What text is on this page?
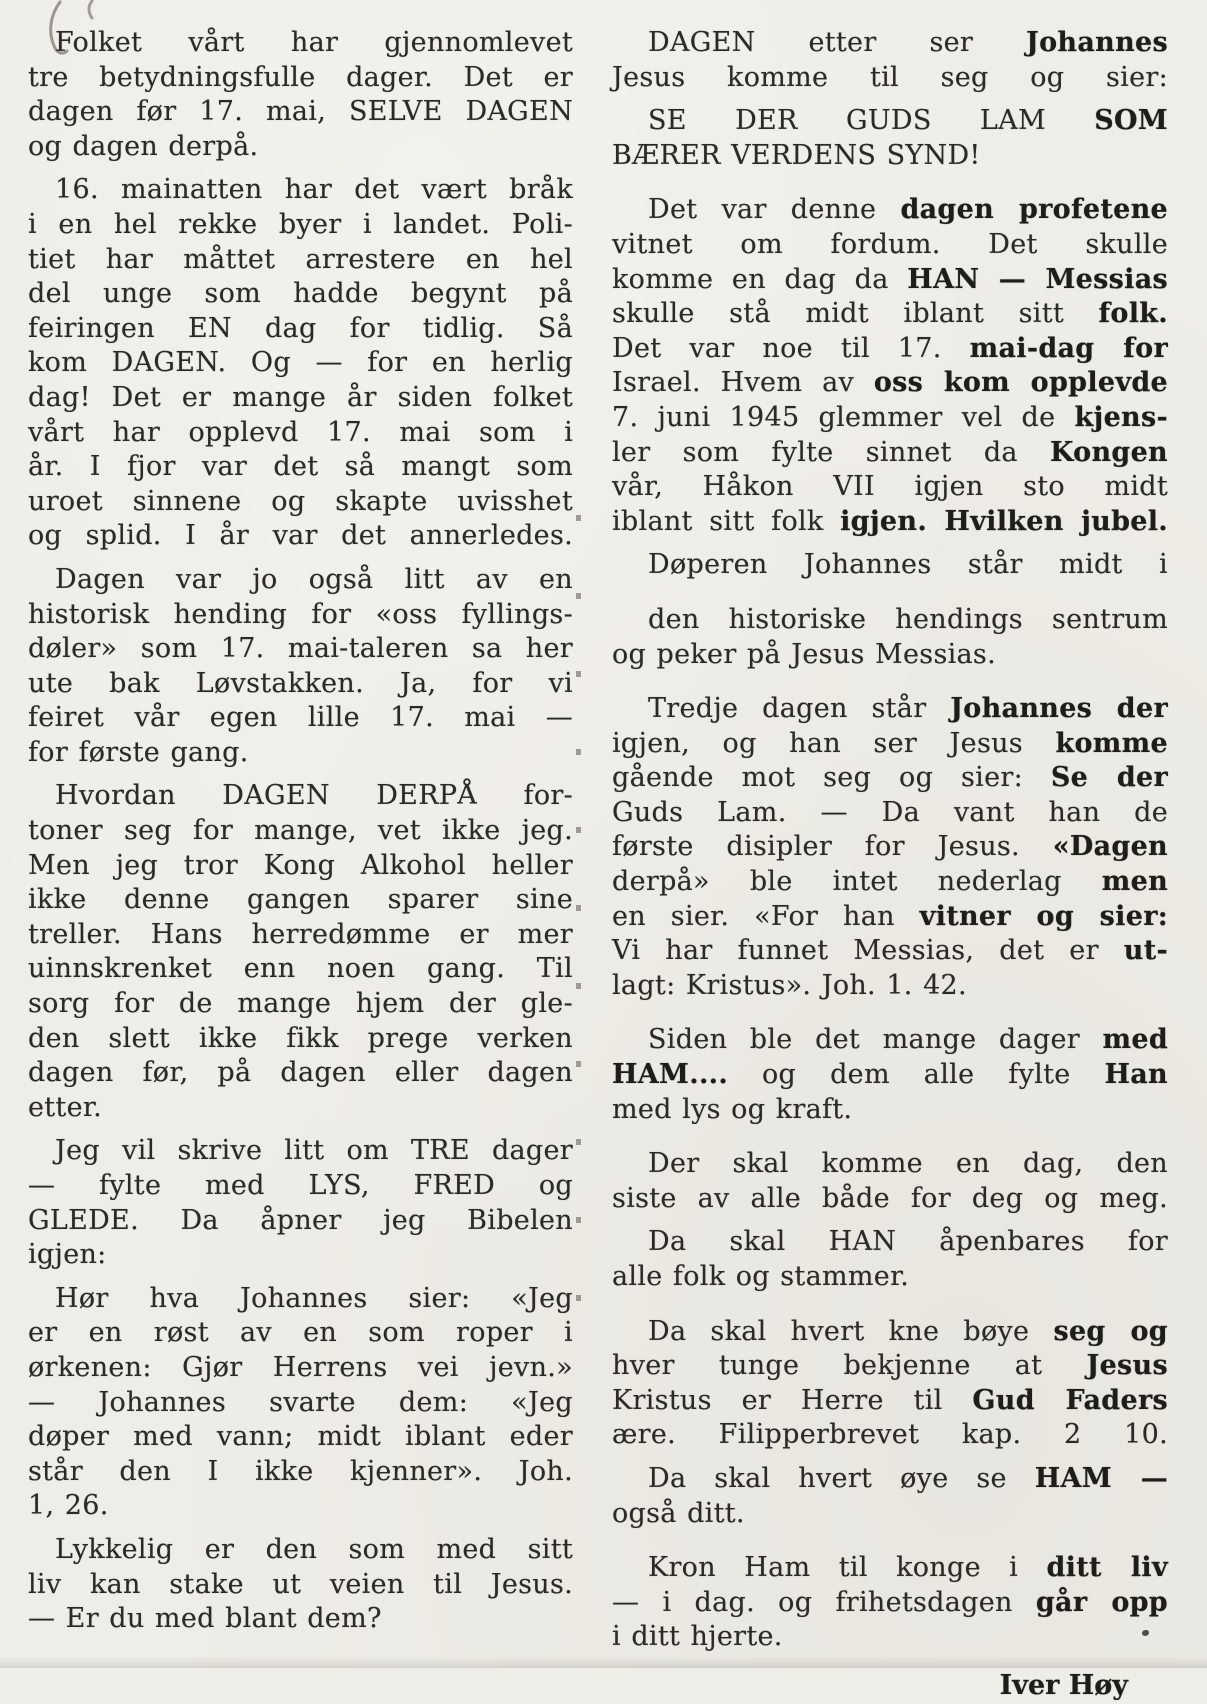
Folket vårt har gjennomlevet
tre betydningsfulle dager. Det er
dagen før 17. mai, SELVE DAGEN
og dagen derpå.
16. mainatten har det vært bråk
i en hel rekke byer i landet. Poli-
tiet har måttet arrestere en hel
del unge som hadde begynt på
feiringen EN dag for tidlig. Så
kom DAGEN. Og — for en herlig
dag! Det er mange år siden folket
vårt har opplevd 17. mai som i
år. I fjor var det så mangt som
uroet sinnene og skapte uvisshet
og splid. I år var det annerledes.
Dagen var jo også litt av en
historisk hending for «oss fyllings-
døler» som 17. mai-taleren sa her
ute bak Løvstakken. Ja, for vi
feiret vår egen lille 17. mai —
for første gang.
Hvordan DAGEN DERPÅ for-
toner seg for mange, vet ikke jeg.
Men jeg tror Kong Alkohol heller
ikke denne gangen sparer sine
treller. Hans herredømme er mer
uinnskrenket enn noen gang. Til
sorg for de mange hjem der gle-
den slett ikke fikk prege verken
dagen før, på dagen eller dagen
etter.
Jeg vil skrive litt om TRE dager
— fylte med LYS, FRED og
GLEDE. Da åpner jeg Bibelen
igjen:
Hør hva Johannes sier: «Jeg
er en røst av en som roper i
ørkenen: Gjør Herrens vei jevn.»
— Johannes svarte dem: «Jeg
døper med vann; midt iblant eder
står den I ikke kjenner». Joh.
1, 26.
Lykkelig er den som med sitt
liv kan stake ut veien til Jesus.
— Er du med blant dem?
DAGEN etter ser Johannes
Jesus komme til seg og sier:
SE DER GUDS LAM SOM
BÆRER VERDENS SYND!
Det var denne dagen profetene
vitnet om fordum. Det skulle
komme en dag da HAN — Messias
skulle stå midt iblant sitt folk.
Det var noe til 17. mai-dag for
Israel. Hvem av oss kom opplevde
7. juni 1945 glemmer vel de kjens-
ler som fylte sinnet da Kongen
vår, Håkon VII igjen sto midt
iblant sitt folk igjen. Hvilken jubel.
Døperen Johannes står midt i
den historiske hendings sentrum
og peker på Jesus Messias.
Tredje dagen står Johannes der
igjen, og han ser Jesus komme
gående mot seg og sier: Se der
Guds Lam. — Da vant han de
første disipler for Jesus. «Dagen
derpå» ble intet nederlag men
en sier. «For han vitner og sier:
Vi har funnet Messias, det er ut-
lagt: Kristus». Joh. 1. 42.
Siden ble det mange dager med
HAM.... og dem alle fylte Han
med lys og kraft.
Der skal komme en dag, den
siste av alle både for deg og meg.
Da skal HAN åpenbares for
alle folk og stammer.
Da skal hvert kne bøye seg og
hver tunge bekjenne at Jesus
Kristus er Herre til Gud Faders
ære. Filipperbrevet kap. 2 10.
Da skal hvert øye se HAM —
også ditt.
Kron Ham til konge i ditt liv
— i dag. og frihetsdagen går opp
i ditt hjerte.
Iver Høy
